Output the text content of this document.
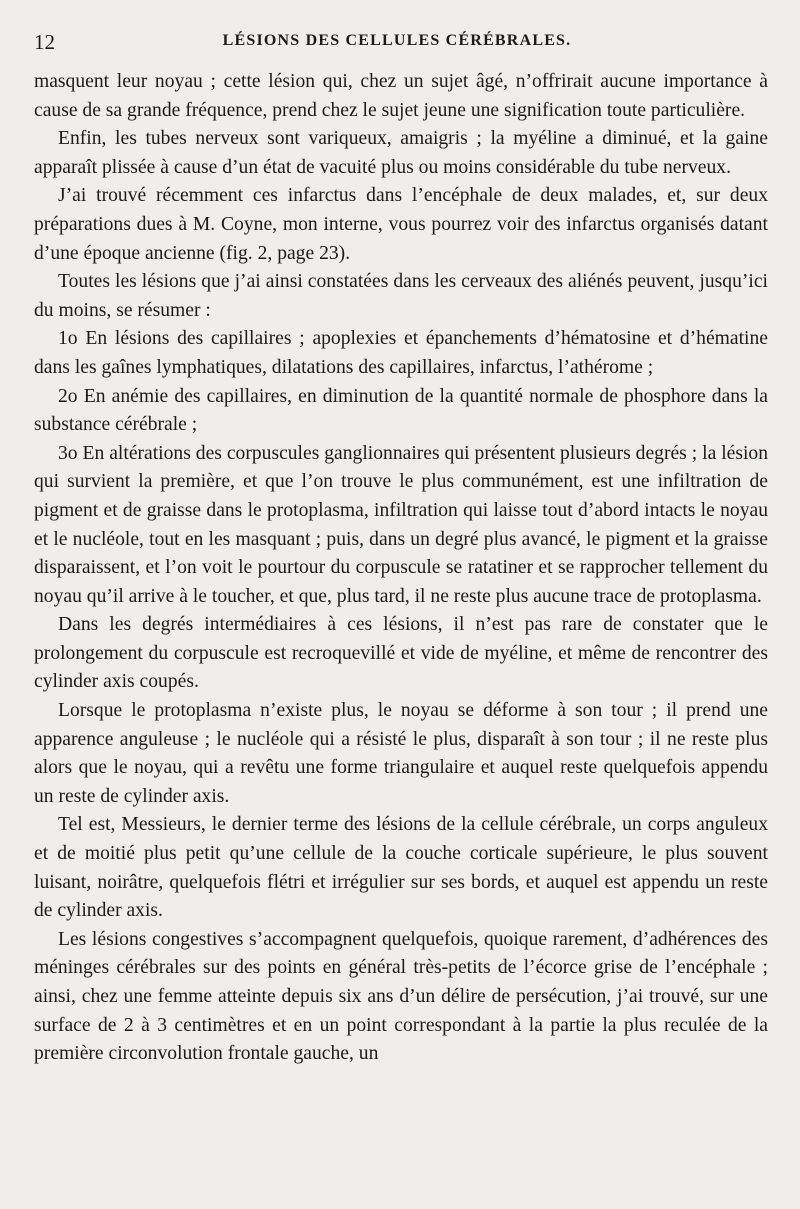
12	LÉSIONS DES CELLULES CÉRÉBRALES.

masquent leur noyau ; cette lésion qui, chez un sujet âgé, n’offrirait aucune importance à cause de sa grande fréquence, prend chez le sujet jeune une signification toute particulière.

Enfin, les tubes nerveux sont variqueux, amaigris ; la myéline a diminué, et la gaine apparaît plissée à cause d’un état de vacuité plus ou moins considérable du tube nerveux.

J’ai trouvé récemment ces infarctus dans l’encéphale de deux malades, et, sur deux préparations dues à M. Coyne, mon interne, vous pourrez voir des infarctus organisés datant d’une époque ancienne (fig. 2, page 23).

Toutes les lésions que j’ai ainsi constatées dans les cerveaux des aliénés peuvent, jusqu’ici du moins, se résumer :

1o En lésions des capillaires ; apoplexies et épanchements d’hématosine et d’hématine dans les gaînes lymphatiques, dilatations des capillaires, infarctus, l’athérome ;

2o En anémie des capillaires, en diminution de la quantité normale de phosphore dans la substance cérébrale ;

3o En altérations des corpuscules ganglionnaires qui présentent plusieurs degrés ; la lésion qui survient la première, et que l’on trouve le plus communément, est une infiltration de pigment et de graisse dans le protoplasma, infiltration qui laisse tout d’abord intacts le noyau et le nucléole, tout en les masquant ; puis, dans un degré plus avancé, le pigment et la graisse disparaissent, et l’on voit le pourtour du corpuscule se ratatiner et se rapprocher tellement du noyau qu’il arrive à le toucher, et que, plus tard, il ne reste plus aucune trace de protoplasma.

Dans les degrés intermédiaires à ces lésions, il n’est pas rare de constater que le prolongement du corpuscule est recroquevillé et vide de myéline, et même de rencontrer des cylinder axis coupés.

Lorsque le protoplasma n’existe plus, le noyau se déforme à son tour ; il prend une apparence anguleuse ; le nucléole qui a résisté le plus, disparaît à son tour ; il ne reste plus alors que le noyau, qui a revêtu une forme triangulaire et auquel reste quelquefois appendu un reste de cylinder axis.

Tel est, Messieurs, le dernier terme des lésions de la cellule cérébrale, un corps anguleux et de moitié plus petit qu’une cellule de la couche corticale supérieure, le plus souvent luisant, noirâtre, quelquefois flétri et irrégulier sur ses bords, et auquel est appendu un reste de cylinder axis.

Les lésions congestives s’accompagnent quelquefois, quoique rarement, d’adhérences des méninges cérébrales sur des points en général très-petits de l’écorce grise de l’encéphale ; ainsi, chez une femme atteinte depuis six ans d’un délire de persécution, j’ai trouvé, sur une surface de 2 à 3 centimètres et en un point correspondant à la partie la plus reculée de la première circonvolution frontale gauche, un
